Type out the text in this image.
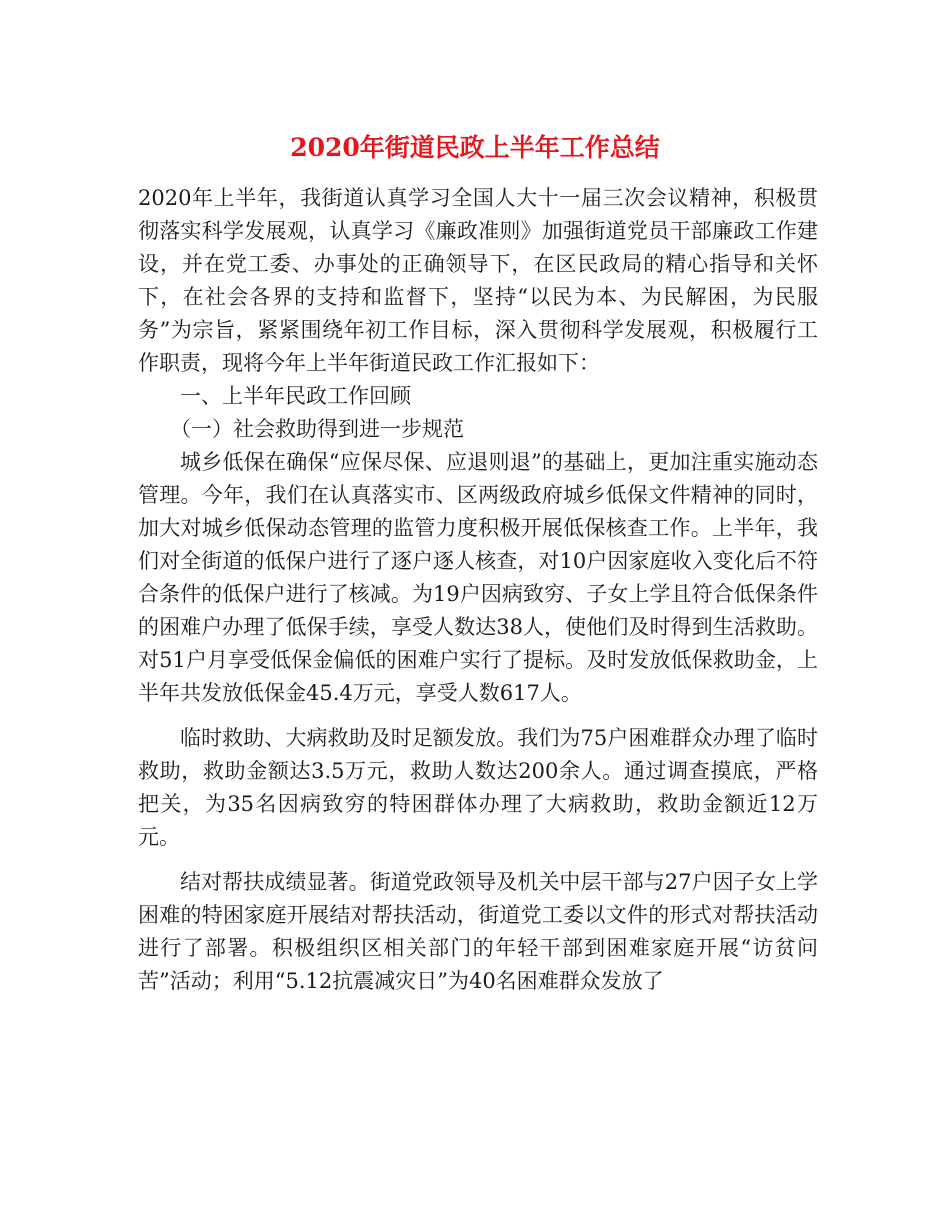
2020年街道民政上半年工作总结

2020年上半年，我街道认真学习全国人大十一届三次会议精神，积极贯彻落实科学发展观，认真学习《廉政准则》加强街道党员干部廉政工作建设，并在党工委、办事处的正确领导下，在区民政局的精心指导和关怀下，在社会各界的支持和监督下，坚持“以民为本、为民解困，为民服务”为宗旨，紧紧围绕年初工作目标，深入贯彻科学发展观，积极履行工作职责，现将今年上半年街道民政工作汇报如下：

一、上半年民政工作回顾

（一）社会救助得到进一步规范

城乡低保在确保“应保尽保、应退则退”的基础上，更加注重实施动态管理。今年，我们在认真落实市、区两级政府城乡低保文件精神的同时，加大对城乡低保动态管理的监管力度积极开展低保核查工作。上半年，我们对全街道的低保户进行了逐户逐人核查，对10户因家庭收入变化后不符合条件的低保户进行了核减。为19户因病致穷、子女上学且符合低保条件的困难户办理了低保手续，享受人数达38人，使他们及时得到生活救助。对51户月享受低保金偏低的困难户实行了提标。及时发放低保救助金，上半年共发放低保金45.4万元，享受人数617人。

临时救助、大病救助及时足额发放。我们为75户困难群众办理了临时救助，救助金额达3.5万元，救助人数达200余人。通过调查摸底，严格把关，为35名因病致穷的特困群体办理了大病救助，救助金额近12万元。

结对帮扶成绩显著。街道党政领导及机关中层干部与27户因子女上学困难的特困家庭开展结对帮扶活动，街道党工委以文件的形式对帮扶活动进行了部署。积极组织区相关部门的年轻干部到困难家庭开展“访贫问苦”活动；利用“5.12抗震减灾日”为40名困难群众发放了
